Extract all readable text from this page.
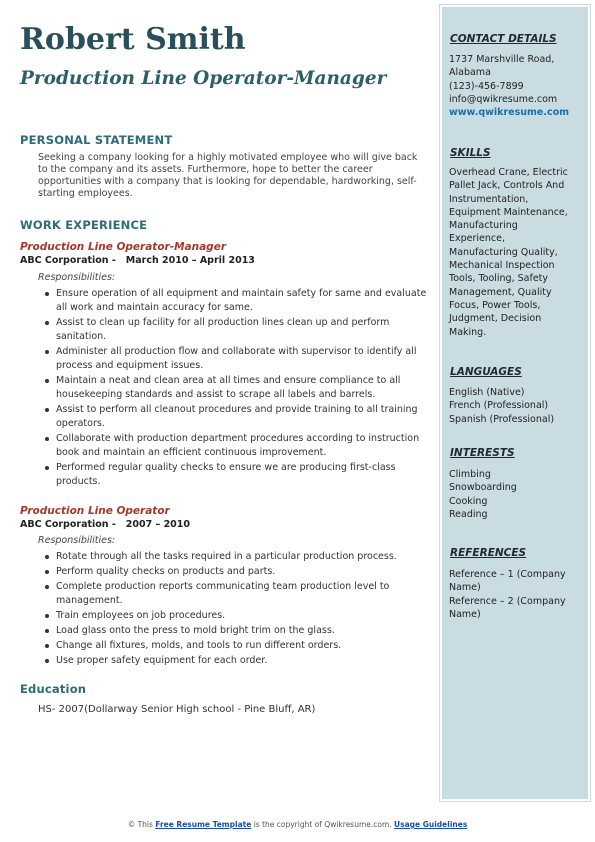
Robert Smith
Production Line Operator-Manager
PERSONAL STATEMENT

Seeking a company looking for a highly motivated employee who will give back to the company and its assets. Furthermore, hope to better the career opportunities with a company that is looking for dependable, hardworking, self-starting employees.

WORK EXPERIENCE
Production Line Operator-Manager
ABC Corporation - March 2010 – April 2013
Responsibilities:
Ensure operation of all equipment and maintain safety for same and evaluate all work and maintain accuracy for same.
Assist to clean up facility for all production lines clean up and perform sanitation.
Administer all production flow and collaborate with supervisor to identify all process and equipment issues.
Maintain a neat and clean area at all times and ensure compliance to all housekeeping standards and assist to scrape all labels and barrels.
Assist to perform all cleanout procedures and provide training to all training operators.
Collaborate with production department procedures according to instruction book and maintain an efficient continuous improvement.
Performed regular quality checks to ensure we are producing first-class products.
Production Line Operator
ABC Corporation - 2007 – 2010
Responsibilities:
Rotate through all the tasks required in a particular production process.
Perform quality checks on products and parts.
Complete production reports communicating team production level to management.
Train employees on job procedures.
Load glass onto the press to mold bright trim on the glass.
Change all fixtures, molds, and tools to run different orders.
Use proper safety equipment for each order.
Education

HS- 2007(Dollarway Senior High school - Pine Bluff, AR)

CONTACT DETAILS
1737 Marshville Road,
Alabama
(123)-456-7899
info@qwikresume.com
www.qwikresume.com
SKILLS
Overhead Crane, Electric
Pallet Jack, Controls And
Instrumentation,
Equipment Maintenance,
Manufacturing
Experience,
Manufacturing Quality,
Mechanical Inspection
Tools, Tooling, Safety
Management, Quality
Focus, Power Tools,
Judgment, Decision
Making.
LANGUAGES
English (Native)
French (Professional)
Spanish (Professional)
INTERESTS
Climbing
Snowboarding
Cooking
Reading
REFERENCES
Reference – 1 (Company
Name)
Reference – 2 (Company
Name)

© This Free Resume Template is the copyright of Qwikresume.com. Usage Guidelines
